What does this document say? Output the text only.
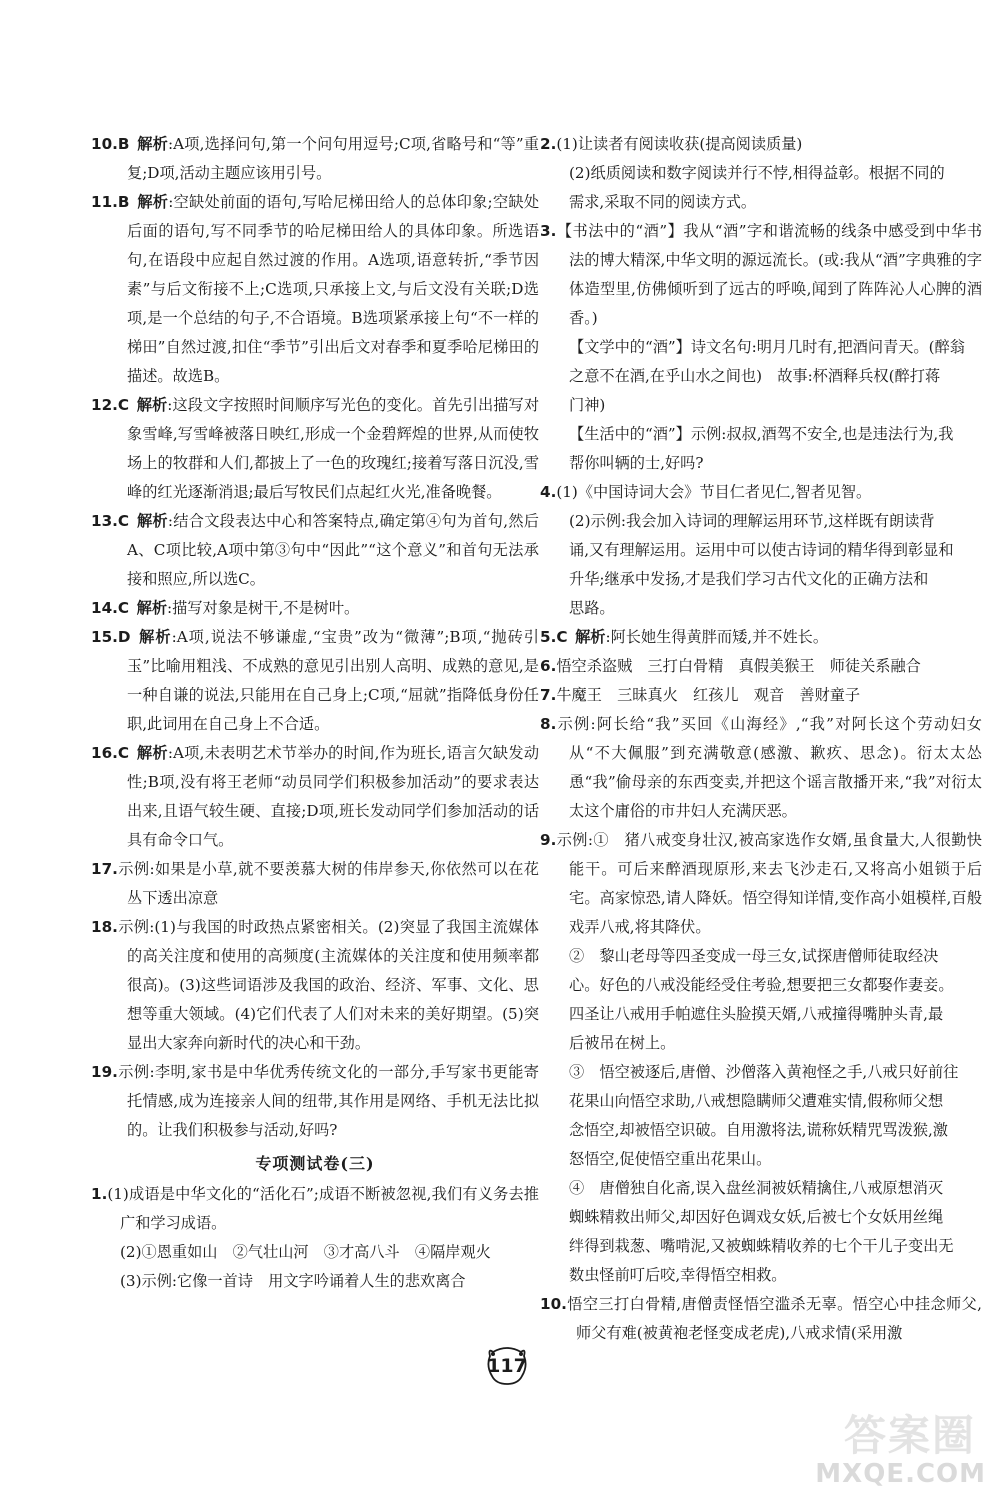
10.B  解析:A项,选择问句,第一个问句用逗号;C项,省略号和“等”重复;D项,活动主题应该用引号。

11.B  解析:空缺处前面的语句,写哈尼梯田给人的总体印象;空缺处后面的语句,写不同季节的哈尼梯田给人的具体印象。所选语句,在语段中应起自然过渡的作用。A选项,语意转折,“季节因素”与后文衔接不上;C选项,只承接上文,与后文没有关联;D选项,是一个总结的句子,不合语境。B选项紧承接上句“不一样的梯田”自然过渡,扣住“季节”引出后文对春季和夏季哈尼梯田的描述。故选B。

12.C  解析:这段文字按照时间顺序写光色的变化。首先引出描写对象雪峰,写雪峰被落日映红,形成一个金碧辉煌的世界,从而使牧场上的牧群和人们,都披上了一色的玫瑰红;接着写落日沉没,雪峰的红光逐渐消退;最后写牧民们点起红火光,准备晚餐。

13.C  解析:结合文段表达中心和答案特点,确定第④句为首句,然后A、C项比较,A项中第③句中“因此”“这个意义”和首句无法承接和照应,所以选C。

14.C  解析:描写对象是树干,不是树叶。

15.D  解析:A项,说法不够谦虚,“宝贵”改为“微薄”;B项,“抛砖引玉”比喻用粗浅、不成熟的意见引出别人高明、成熟的意见,是一种自谦的说法,只能用在自己身上;C项,“屈就”指降低身份任职,此词用在自己身上不合适。

16.C  解析:A项,未表明艺术节举办的时间,作为班长,语言欠缺发动性;B项,没有将王老师“动员同学们积极参加活动”的要求表达出来,且语气较生硬、直接;D项,班长发动同学们参加活动的话具有命令口气。

17.示例:如果是小草,就不要羡慕大树的伟岸参天,你依然可以在花丛下透出凉意

18.示例:(1)与我国的时政热点紧密相关。(2)突显了我国主流媒体的高关注度和使用的高频度(主流媒体的关注度和使用频率都很高)。(3)这些词语涉及我国的政治、经济、军事、文化、思想等重大领域。(4)它们代表了人们对未来的美好期望。(5)突显出大家奔向新时代的决心和干劲。

19.示例:李明,家书是中华优秀传统文化的一部分,手写家书更能寄托情感,成为连接亲人间的纽带,其作用是网络、手机无法比拟的。让我们积极参与活动,好吗?

专项测试卷(三)

1.(1)成语是中华文化的“活化石”;成语不断被忽视,我们有义务去推广和学习成语。

(2)①恩重如山　②气壮山河　③才高八斗　④隔岸观火

(3)示例:它像一首诗　用文字吟诵着人生的悲欢离合

2.(1)让读者有阅读收获(提高阅读质量)

(2)纸质阅读和数字阅读并行不悖,相得益彰。根据不同的

需求,采取不同的阅读方式。

3.【书法中的“酒”】我从“酒”字和谐流畅的线条中感受到中华书法的博大精深,中华文明的源远流长。(或:我从“酒”字典雅的字体造型里,仿佛倾听到了远古的呼唤,闻到了阵阵沁人心脾的酒香。)

【文学中的“酒”】诗文名句:明月几时有,把酒问青天。(醉翁

之意不在酒,在乎山水之间也)　故事:杯酒释兵权(醉打蒋

门神)

【生活中的“酒”】示例:叔叔,酒驾不安全,也是违法行为,我

帮你叫辆的士,好吗?

4.(1)《中国诗词大会》节目仁者见仁,智者见智。

(2)示例:我会加入诗词的理解运用环节,这样既有朗读背

诵,又有理解运用。运用中可以使古诗词的精华得到彰显和

升华;继承中发扬,才是我们学习古代文化的正确方法和

思路。

5.C  解析:阿长她生得黄胖而矮,并不姓长。

6.悟空杀盗贼　三打白骨精　真假美猴王　师徒关系融合

7.牛魔王　三昧真火　红孩儿　观音　善财童子

8.示例:阿长给“我”买回《山海经》,“我”对阿长这个劳动妇女从“不大佩服”到充满敬意(感激、歉疚、思念)。衍太太怂恿“我”偷母亲的东西变卖,并把这个谣言散播开来,“我”对衍太太这个庸俗的市井妇人充满厌恶。

9.示例:①　猪八戒变身壮汉,被高家选作女婿,虽食量大,人很勤快能干。可后来醉酒现原形,来去飞沙走石,又将高小姐锁于后宅。高家惊恐,请人降妖。悟空得知详情,变作高小姐模样,百般戏弄八戒,将其降伏。

②　黎山老母等四圣变成一母三女,试探唐僧师徒取经决

心。好色的八戒没能经受住考验,想要把三女都娶作妻妾。

四圣让八戒用手帕遮住头脸摸天婿,八戒撞得嘴肿头青,最

后被吊在树上。

③　悟空被逐后,唐僧、沙僧落入黄袍怪之手,八戒只好前往

花果山向悟空求助,八戒想隐瞒师父遭难实情,假称师父想

念悟空,却被悟空识破。自用激将法,谎称妖精咒骂泼猴,激

怒悟空,促使悟空重出花果山。

④　唐僧独自化斋,误入盘丝洞被妖精擒住,八戒原想消灭

蜘蛛精救出师父,却因好色调戏女妖,后被七个女妖用丝绳

绊得到栽葱、嘴啃泥,又被蜘蛛精收养的七个干儿子变出无

数虫怪前叮后咬,幸得悟空相救。

10.悟空三打白骨精,唐僧责怪悟空滥杀无辜。悟空心中挂念师父,师父有难(被黄袍老怪变成老虎),八戒求情(采用激

117
答案圈
MXQE.COM
